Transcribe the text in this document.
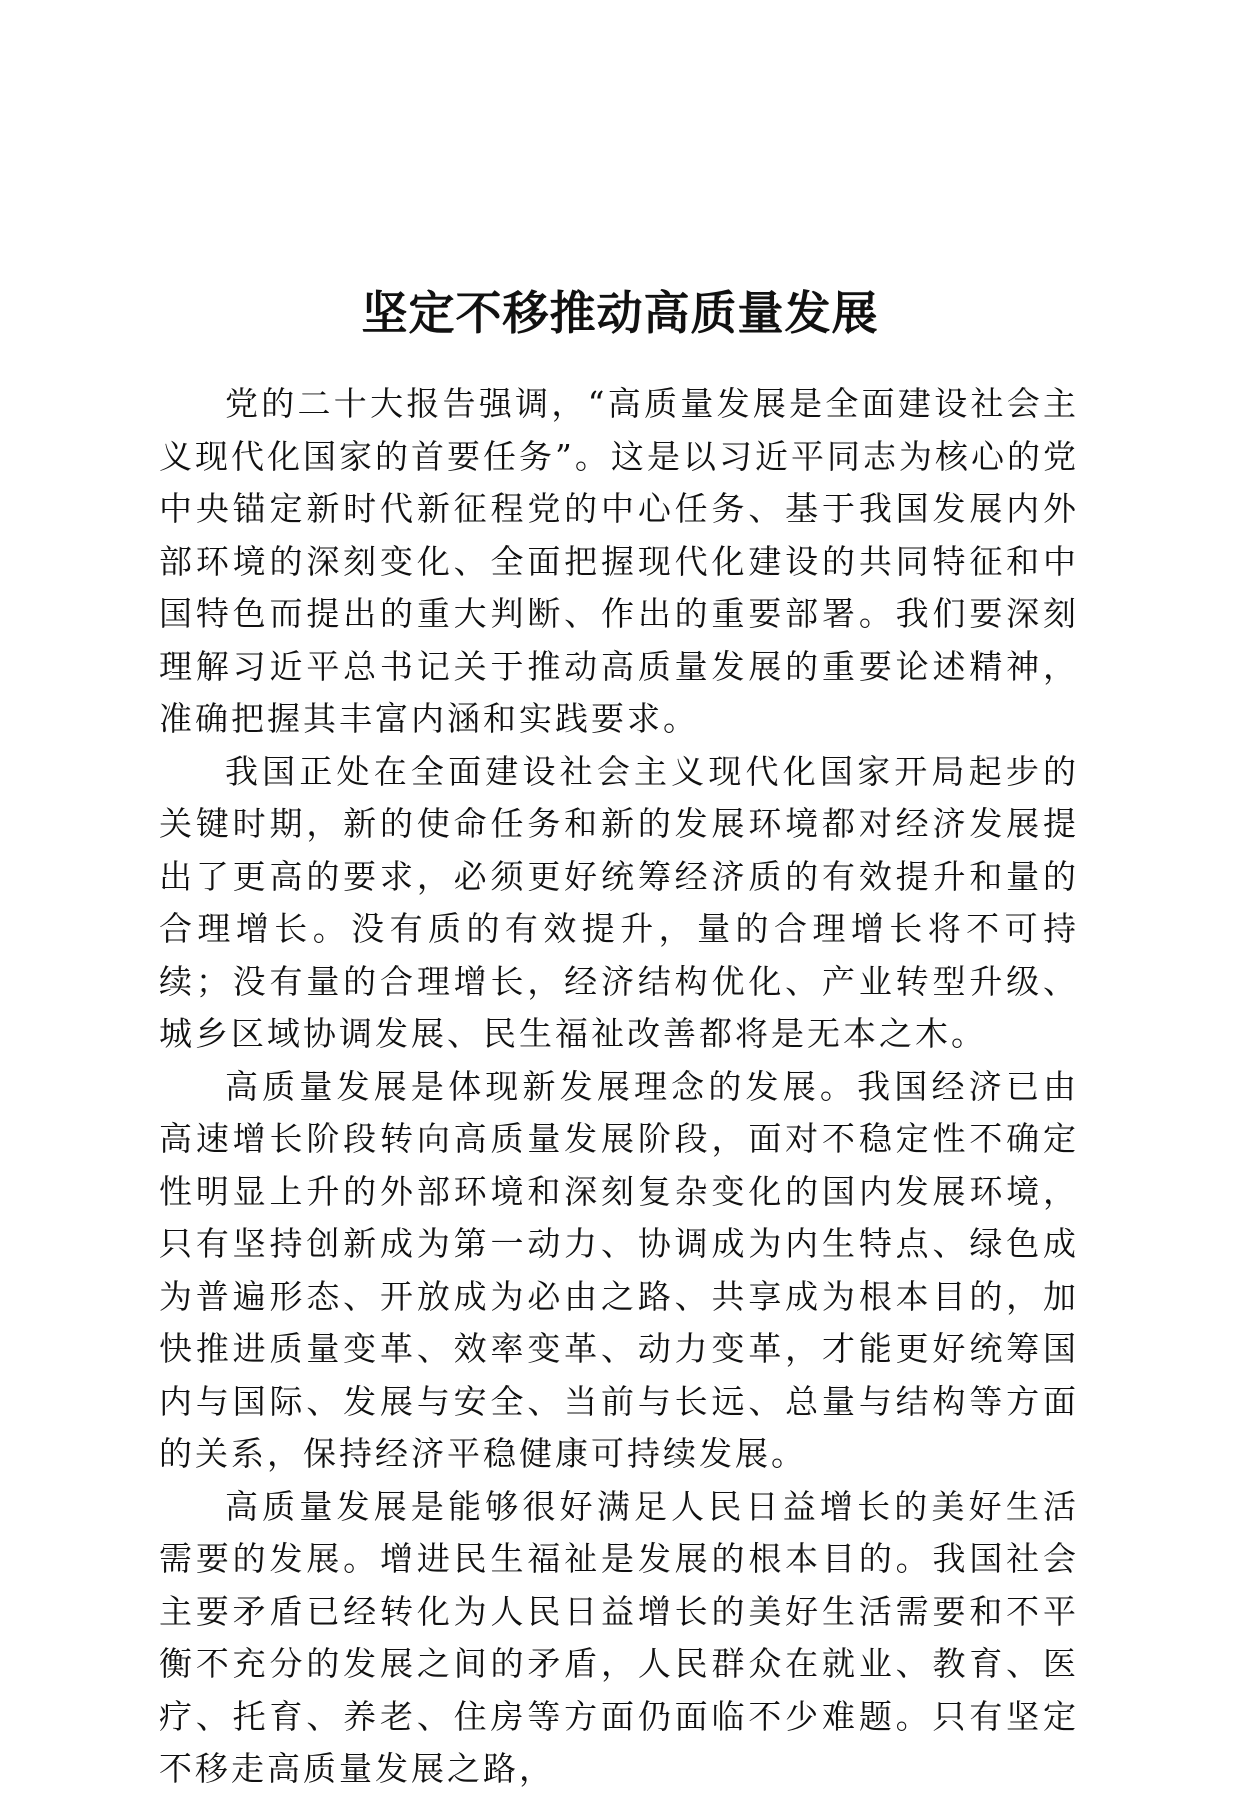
坚定不移推动高质量发展

党的二十大报告强调，“高质量发展是全面建设社会主义现代化国家的首要任务”。这是以习近平同志为核心的党中央锚定新时代新征程党的中心任务、基于我国发展内外部环境的深刻变化、全面把握现代化建设的共同特征和中国特色而提出的重大判断、作出的重要部署。我们要深刻理解习近平总书记关于推动高质量发展的重要论述精神，准确把握其丰富内涵和实践要求。

我国正处在全面建设社会主义现代化国家开局起步的关键时期，新的使命任务和新的发展环境都对经济发展提出了更高的要求，必须更好统筹经济质的有效提升和量的合理增长。没有质的有效提升，量的合理增长将不可持续；没有量的合理增长，经济结构优化、产业转型升级、城乡区域协调发展、民生福祉改善都将是无本之木。

高质量发展是体现新发展理念的发展。我国经济已由高速增长阶段转向高质量发展阶段，面对不稳定性不确定性明显上升的外部环境和深刻复杂变化的国内发展环境，只有坚持创新成为第一动力、协调成为内生特点、绿色成为普遍形态、开放成为必由之路、共享成为根本目的，加快推进质量变革、效率变革、动力变革，才能更好统筹国内与国际、发展与安全、当前与长远、总量与结构等方面的关系，保持经济平稳健康可持续发展。

高质量发展是能够很好满足人民日益增长的美好生活需要的发展。增进民生福祉是发展的根本目的。我国社会主要矛盾已经转化为人民日益增长的美好生活需要和不平衡不充分的发展之间的矛盾，人民群众在就业、教育、医疗、托育、养老、住房等方面仍面临不少难题。只有坚定不移走高质量发展之路，
